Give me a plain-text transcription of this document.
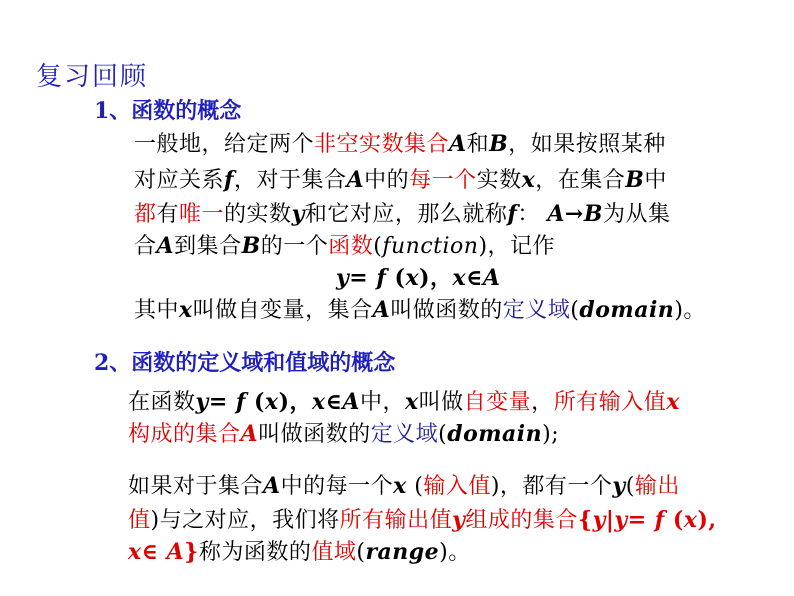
复习回顾
1、函数的概念
一般地，给定两个非空实数集合A和B，如果按照某种
对应关系f，对于集合A中的每一个实数x，在集合B中
都有唯一的实数y和它对应，那么就称f： A→B为从集
合A到集合B的一个函数(function)，记作
y= f (x)，x∈A
其中x叫做自变量，集合A叫做函数的定义域(domain)。
2、函数的定义域和值域的概念
在函数y= f (x)，x∈A中，x叫做自变量，所有输入值x
构成的集合A叫做函数的定义域(domain);
如果对于集合A中的每一个x (输入值)，都有一个y(输出
值)与之对应，我们将所有输出值y组成的集合{y|y= f (x),
x∈ A}称为函数的值域(range)。
